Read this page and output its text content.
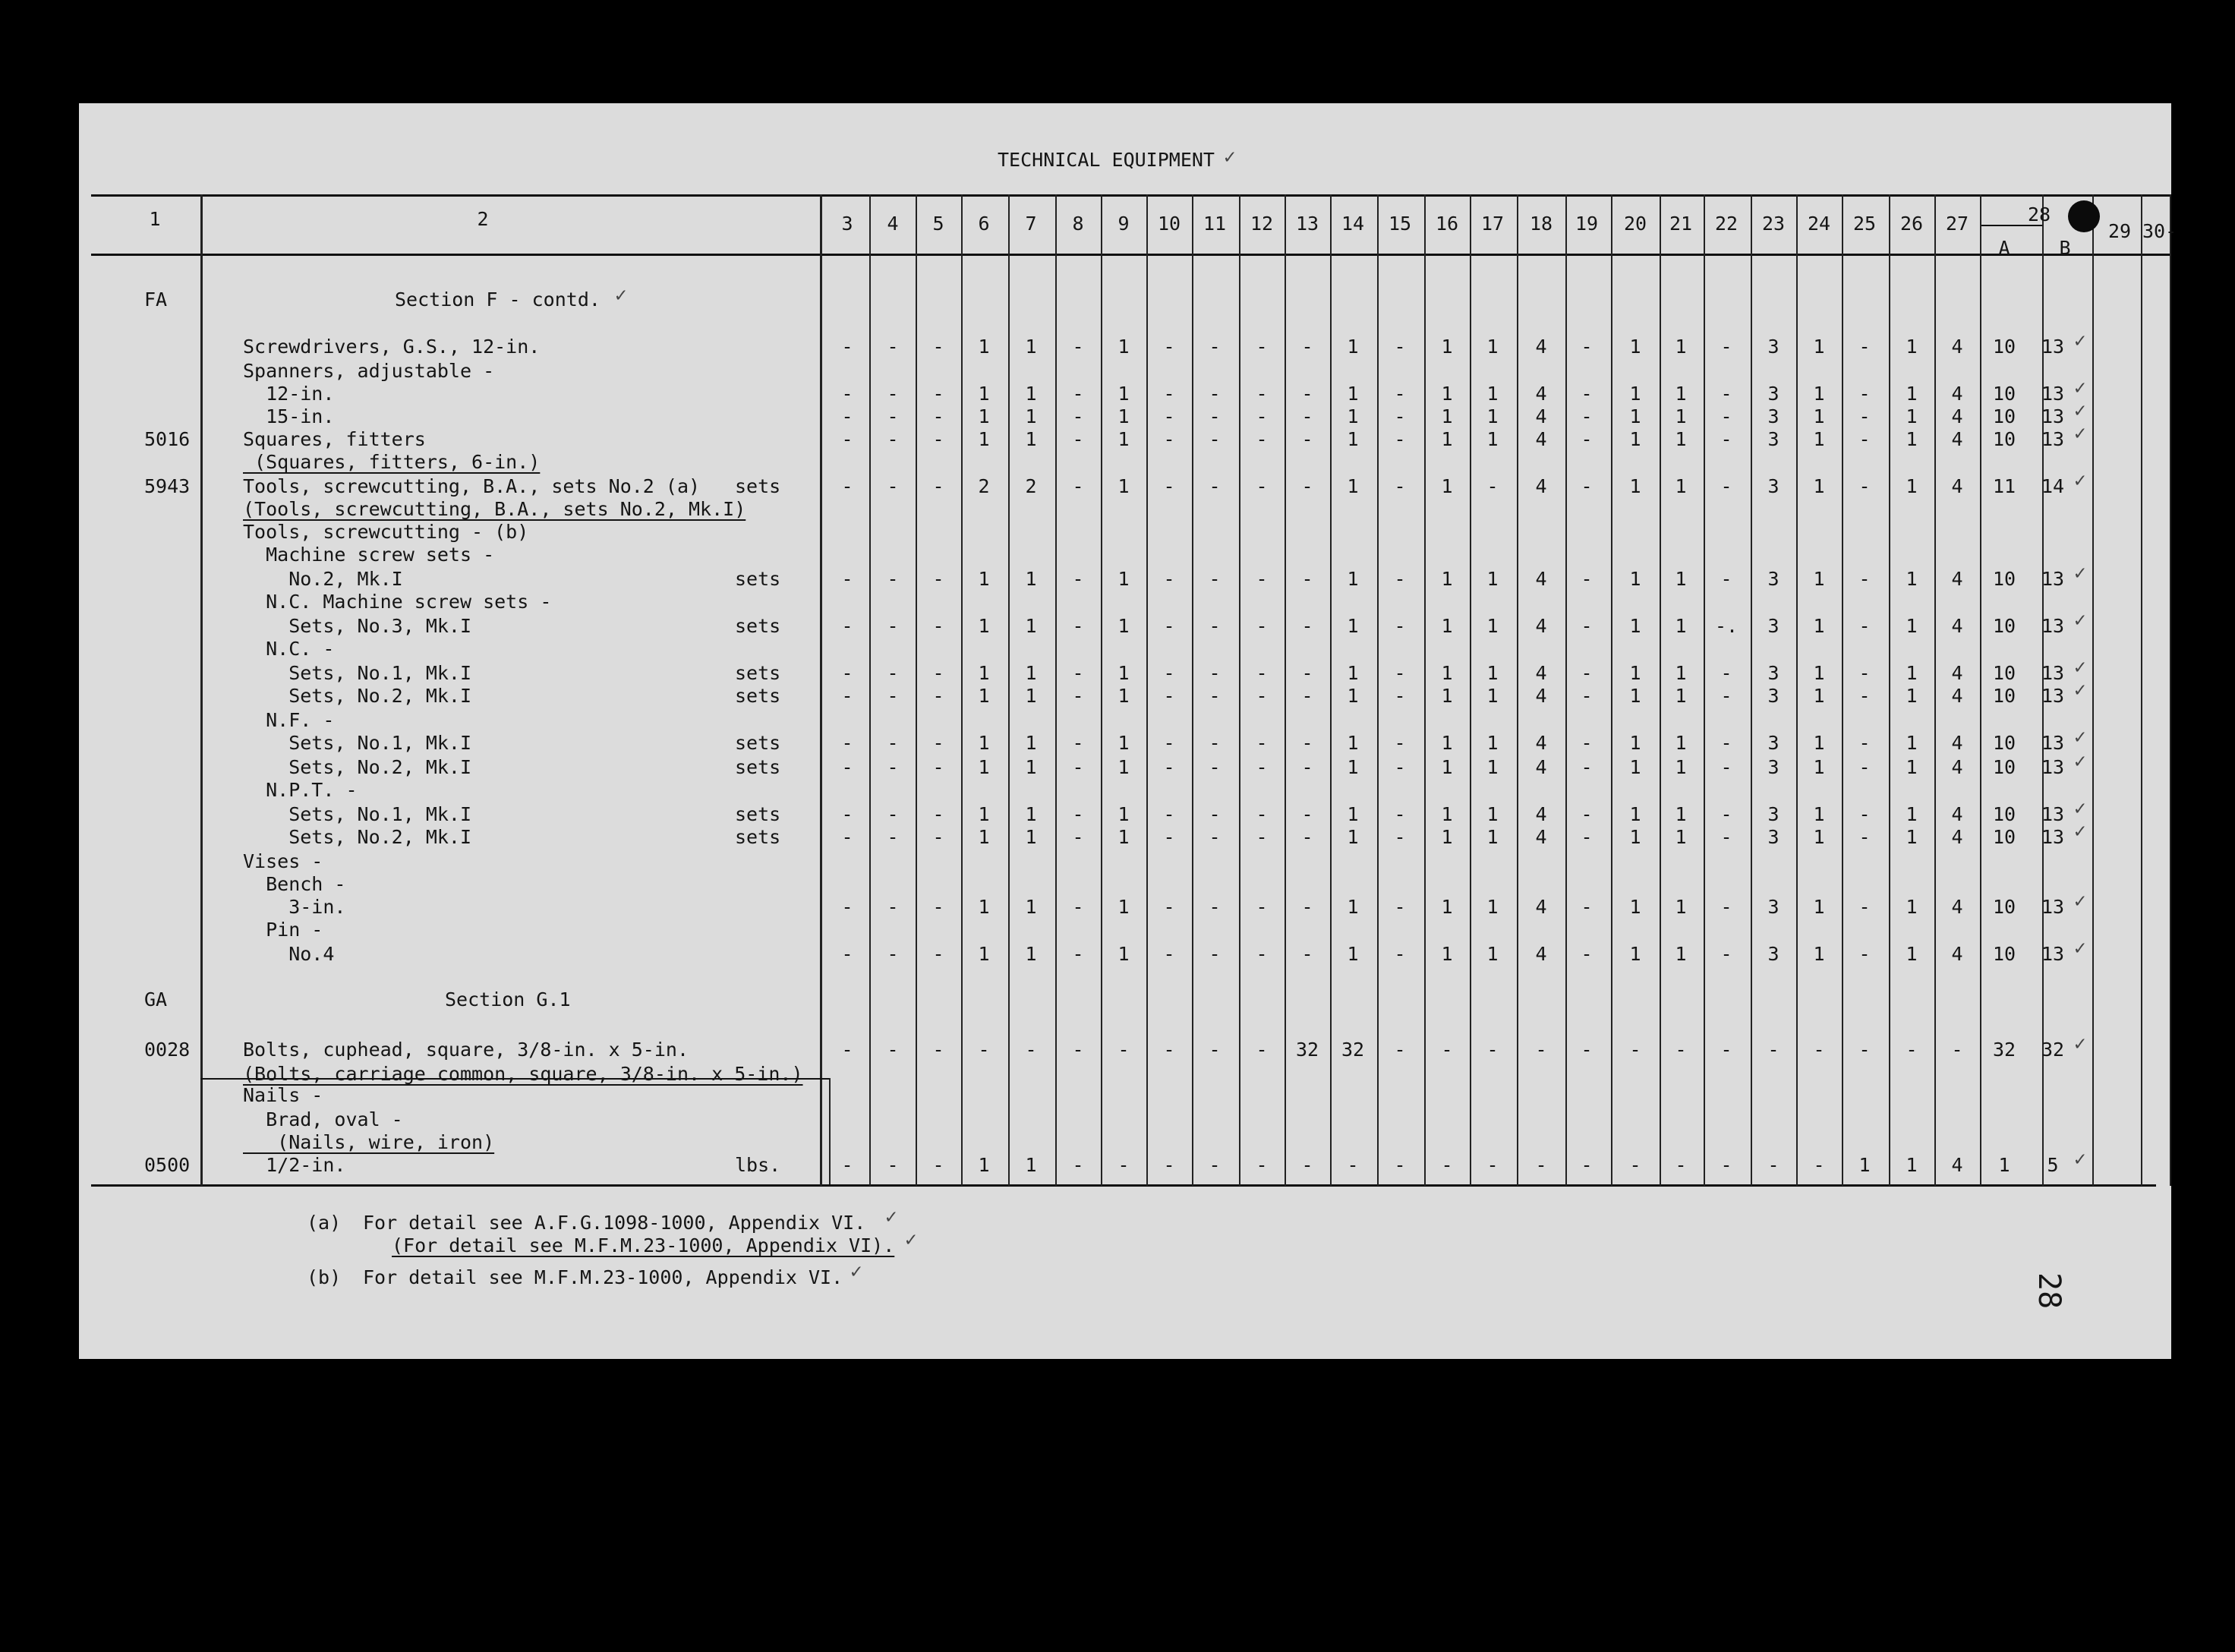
TECHNICAL EQUIPMENT ✓
1	2	3	4	5	6	7	8	9	10	11	12	13	14	15	16	17	18	19	20	21	22	23	24	25	26	27	28
A	B
29 30-
FA	Section F - contd. ✓
Screwdrivers, G.S., 12-in.	-	-	-	1	1	-	1	-	-	-	-	1	-	1	1	4	-	1	1	-	3	1	-	1	4	10	13 ✓
Spanners, adjustable -
12-in.	-	-	-	1	1	-	1	-	-	-	-	1	-	1	1	4	-	1	1	-	3	1	-	1	4	10	13 ✓
15-in.	-	-	-	1	1	-	1	-	-	-	-	1	-	1	1	4	-	1	1	-	3	1	-	1	4	10	13 ✓
5016	Squares, fitters	-	-	-	1	1	-	1	-	-	-	-	1	-	1	1	4	-	1	1	-	3	1	-	1	4	10	13 ✓
(Squares, fitters, 6-in.)
5943	Tools, screwcutting, B.A., sets No.2 (a) sets	-	-	-	2	2	-	1	-	-	-	-	1	-	1	-	4	-	1	1	-	3	1	-	1	4	11	14 ✓
(Tools, screwcutting, B.A., sets No.2, Mk.I)
Tools, screwcutting - (b)
Machine screw sets -
No.2, Mk.I	sets	-	-	-	1	1	-	1	-	-	-	-	1	-	1	1	4	-	1	1	-	3	1	-	1	4	10	13 ✓
N.C. Machine screw sets -
Sets, No.3, Mk.I	sets	-	-	-	1	1	-	1	-	-	-	-	1	-	1	1	4	-	1	1	-.	3	1	-	1	4	10	13 ✓
N.C. -
Sets, No.1, Mk.I	sets	-	-	-	1	1	-	1	-	-	-	-	1	-	1	1	4	-	1	1	-	3	1	-	1	4	10	13 ✓
Sets, No.2, Mk.I	sets	-	-	-	1	1	-	1	-	-	-	-	1	-	1	1	4	-	1	1	-	3	1	-	1	4	10	13 ✓
N.F. -
Sets, No.1, Mk.I	sets	-	-	-	1	1	-	1	-	-	-	-	1	-	1	1	4	-	1	1	-	3	1	-	1	4	10	13 ✓
Sets, No.2, Mk.I	sets	-	-	-	1	1	-	1	-	-	-	-	1	-	1	1	4	-	1	1	-	3	1	-	1	4	10	13 ✓
N.P.T. -
Sets, No.1, Mk.I	sets	-	-	-	1	1	-	1	-	-	-	-	1	-	1	1	4	-	1	1	-	3	1	-	1	4	10	13 ✓
Sets, No.2, Mk.I	sets	-	-	-	1	1	-	1	-	-	-	-	1	-	1	1	4	-	1	1	-	3	1	-	1	4	10	13 ✓
Vises -
Bench -
3-in.	-	-	-	1	1	-	1	-	-	-	-	1	-	1	1	4	-	1	1	-	3	1	-	1	4	10	13 ✓
Pin -
No.4	-	-	-	1	1	-	1	-	-	-	-	1	-	1	1	4	-	1	1	-	3	1	-	1	4	10	13 ✓
GA	Section G.1
0028	Bolts, cuphead, square, 3/8-in. x 5-in.	-	-	-	-	-	-	-	-	-	-	32	32	-	-	-	-	-	-	-	-	-	-	-	-	-	32	32 ✓
(Bolts, carriage common, square, 3/8-in. x 5-in.)
Nails -
Brad, oval -
(Nails, wire, iron)
0500	1/2-in.	lbs.	-	-	-	1	1	-	-	-	-	-	-	-	-	-	-	-	-	-	-	-	-	-	1	1	4	1	5 ✓
(a) For detail see A.F.G.1098-1000, Appendix VI. ✓
(For detail see M.F.M.23-1000, Appendix VI). ✓
(b) For detail see M.F.M.23-1000, Appendix VI. ✓
28
